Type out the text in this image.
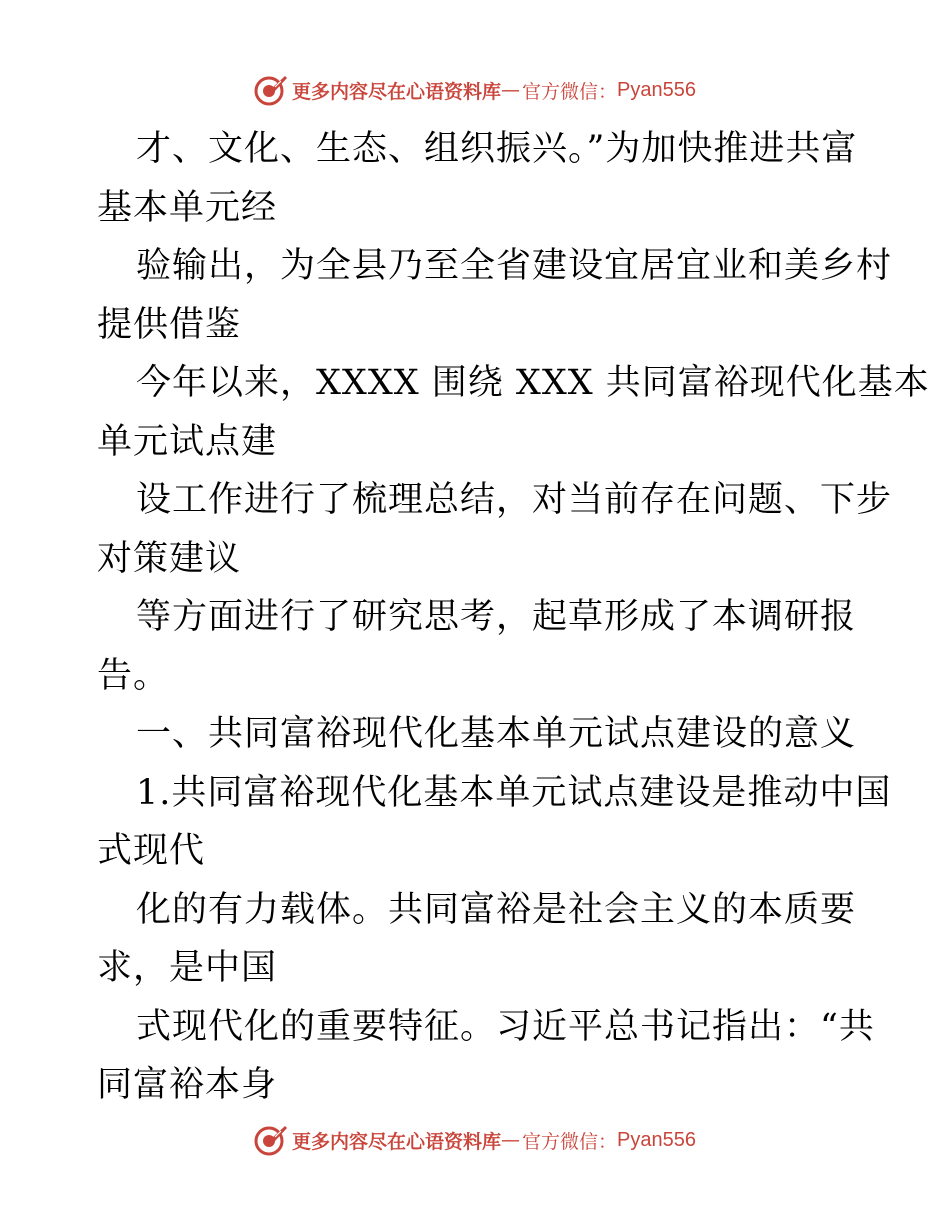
更多内容尽在心语资料库 — 官方微信： Pyan556
才、文化、生态、组织振兴。”为加快推进共富
基本单元经
验输出，为全县乃至全省建设宜居宜业和美乡村
提供借鉴
今年以来，XXXX 围绕 XXX 共同富裕现代化基本
单元试点建
设工作进行了梳理总结，对当前存在问题、下步
对策建议
等方面进行了研究思考，起草形成了本调研报
告。
一、共同富裕现代化基本单元试点建设的意义
1.共同富裕现代化基本单元试点建设是推动中国
式现代
化的有力载体。共同富裕是社会主义的本质要
求，是中国
式现代化的重要特征。习近平总书记指出：“共
同富裕本身
更多内容尽在心语资料库 — 官方微信： Pyan556
